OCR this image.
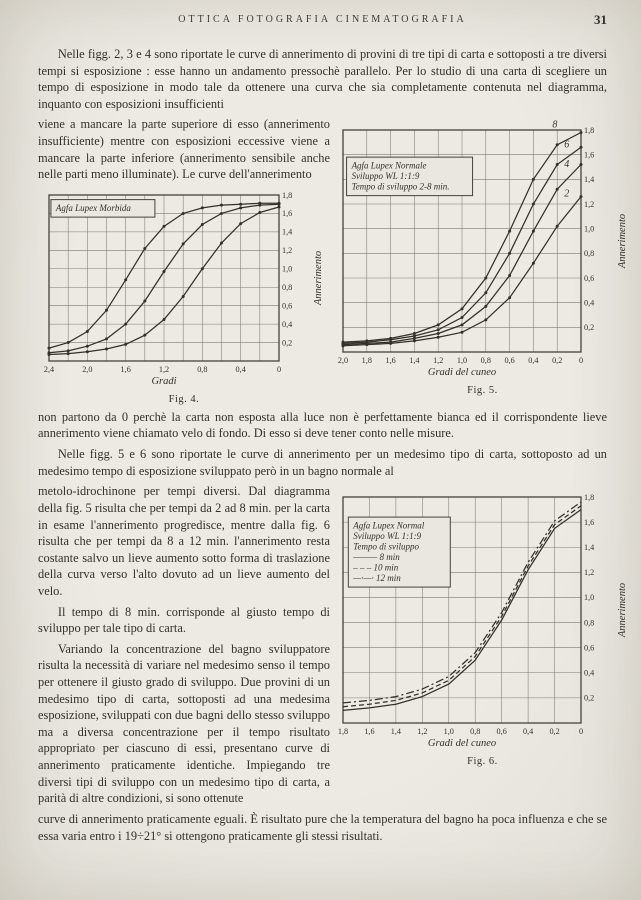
OTTICA FOTOGRAFIA CINEMATOGRAFIA	31

Nelle figg. 2, 3 e 4 sono riportate le curve di annerimento di provini di tre tipi di carta e sottoposti a tre diversi tempi si esposizione : esse hanno un andamento pressochè parallelo. Per lo studio di una carta di scegliere un tempo di esposizione in modo tale da ottenere una curva che sia completamente contenuta nel diagramma, inquanto con esposizioni insufficienti

viene a mancare la parte superiore di esso (annerimento insufficiente) mentre con esposizioni eccessive viene a mancare la parte inferiore (annerimento sensibile anche nelle parti meno illuminate). Le curve dell'annerimento

2,4	2,0	1,6	1,2	0,8	0,4	0
0,2
0,4
0,6
0,8
1,0
1,2
1,4
1,6
1,8
Agfa Lupex Morbida
Gradi
Annerimento
Fig. 4.
2,0 1,8 1,6 1,4 1,2 1,0 0,8 0,6 0,4 0,2 0
0,2
0,4
0,6
0,8
1,0
1,2
1,4
1,6
1,8
8
6
4
2
Agfa Lupex Normale
Sviluppo WL 1:1:9
Tempo di sviluppo 2-8 min.
Gradi del cuneo
Annerimento
Fig. 5.

non partono da 0 perchè la carta non esposta alla luce non è perfettamente bianca ed il corrispondente lieve annerimento viene chiamato velo di fondo. Di esso si deve tener conto nelle misure.

Nelle figg. 5 e 6 sono riportate le curve di annerimento per un medesimo tipo di carta, sottoposto ad un medesimo tempo di esposizione sviluppato però in un bagno normale al

metolo-idrochinone per tempi diversi. Dal diagramma della fig. 5 risulta che per tempi da 2 ad 8 min. per la carta in esame l'annerimento progredisce, mentre dalla fig. 6 risulta che per tempi da 8 a 12 min. l'annerimento resta costante salvo un lieve aumento sotto forma di traslazione della curva verso l'alto dovuto ad un lieve aumento del velo.

Il tempo di 8 min. corrisponde al giusto tempo di sviluppo per tale tipo di carta.

Variando la concentrazione del bagno sviluppatore risulta la necessità di variare nel medesimo senso il tempo per ottenere il giusto grado di sviluppo. Due provini di un medesimo tipo di carta, sottoposti ad una medesima esposizione, sviluppati con due bagni dello stesso sviluppo ma a diversa concentrazione per il tempo risultato appropriato per ciascuno di essi, presentano curve di annerimento praticamente identiche. Impiegando tre diversi tipi di sviluppo con un medesimo tipo di carta, a parità di altre condizioni, si sono ottenute

1,8 1,6 1,4 1,2 1,0 0,8 0,6 0,4 0,2 0
0,2
0,4
0,6
0,8
1,0
1,2
1,4
1,6
1,8
Agfa Lupex Normal
Sviluppo WL 1:1:9
Tempo di sviluppo
——— 8 min
– – – 10 min
—·—· 12 min
Gradi del cuneo
Annerimento
Fig. 6.

curve di annerimento praticamente eguali. È risultato pure che la temperatura del bagno ha poca influenza e che se essa varia entro i 19÷21° si ottengono praticamente gli stessi risultati.
